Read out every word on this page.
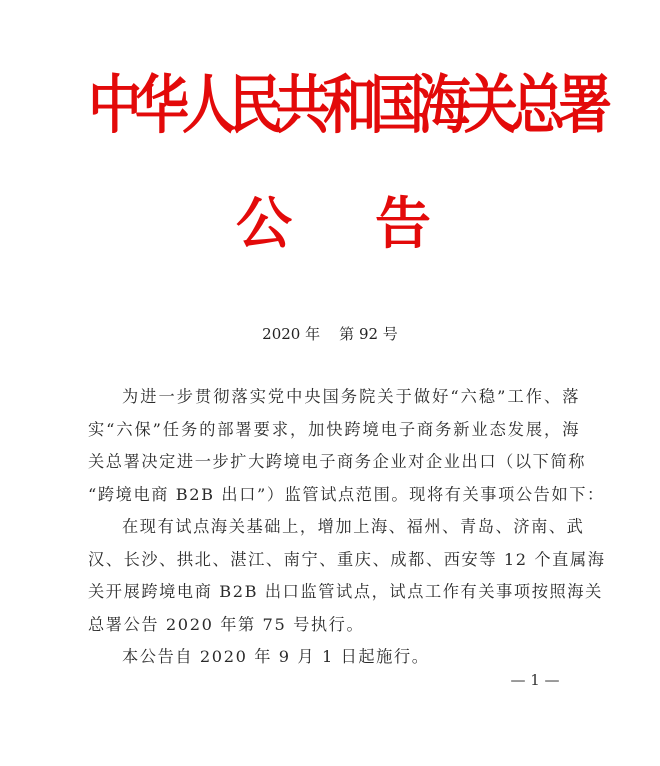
中华人民共和国海关总署
公 告
2020 年    第 92 号
为进一步贯彻落实党中央国务院关于做好“六稳”工作、落
实“六保”任务的部署要求，加快跨境电子商务新业态发展，海
关总署决定进一步扩大跨境电子商务企业对企业出口（以下简称
“跨境电商 B2B 出口”）监管试点范围。现将有关事项公告如下：
在现有试点海关基础上，增加上海、福州、青岛、济南、武
汉、长沙、拱北、湛江、南宁、重庆、成都、西安等 12 个直属海
关开展跨境电商 B2B 出口监管试点，试点工作有关事项按照海关
总署公告 2020 年第 75 号执行。
本公告自 2020 年 9 月 1 日起施行。
— 1 —
